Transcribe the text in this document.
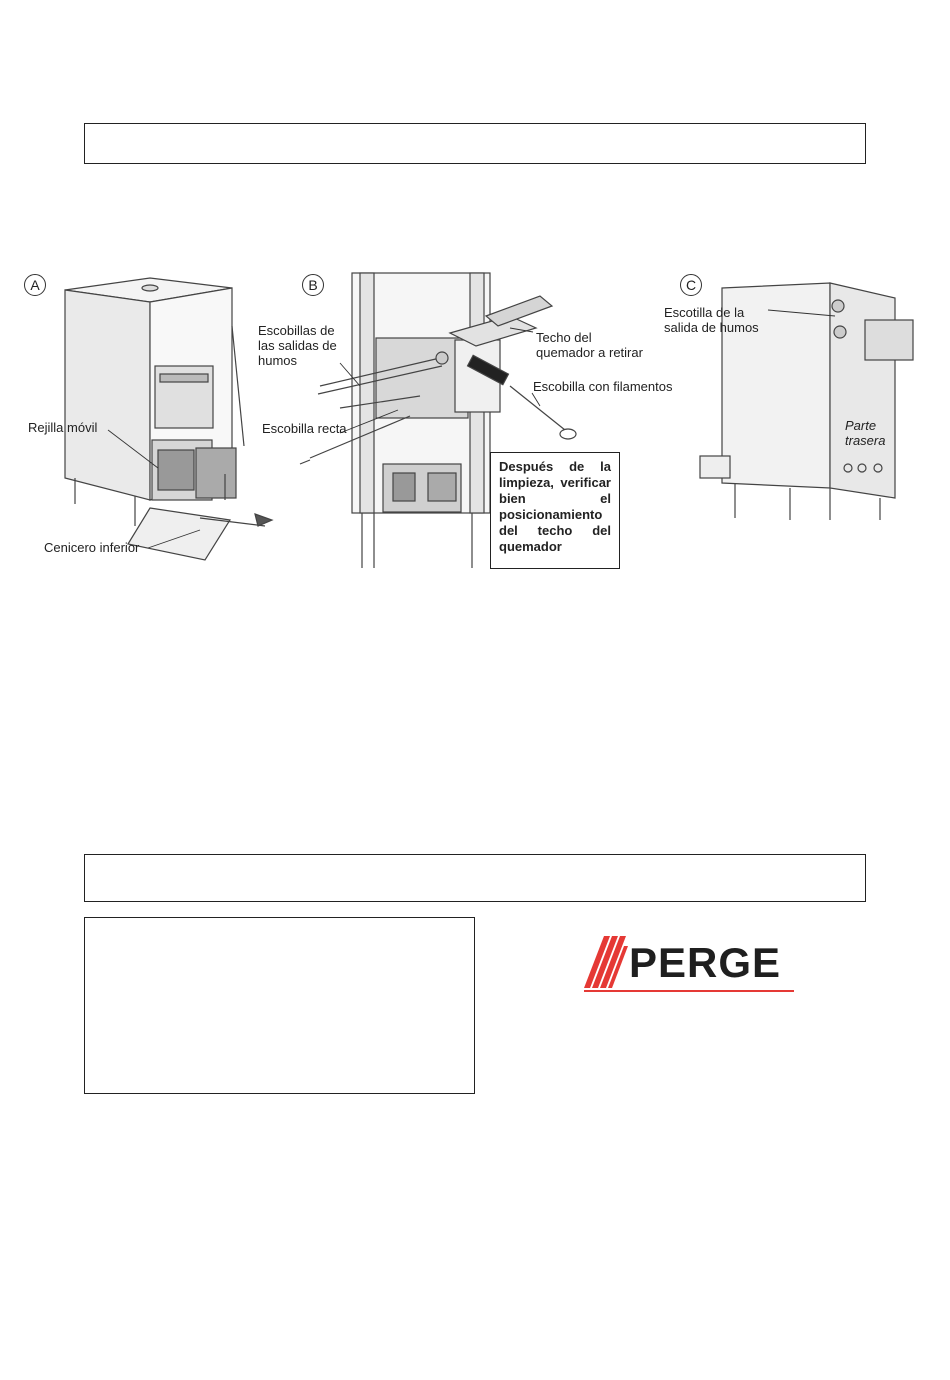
A	B	C
Rejilla móvil
Cenicero inferior
Escobillas de
las salidas de
humos
Escobilla recta
Techo del
quemador a retirar
Escobilla con filamentos
Escotilla de la
salida de humos
Parte
trasera
Después de la limpieza, verificar bien el posicionamiento del techo del quemador
PERGE
